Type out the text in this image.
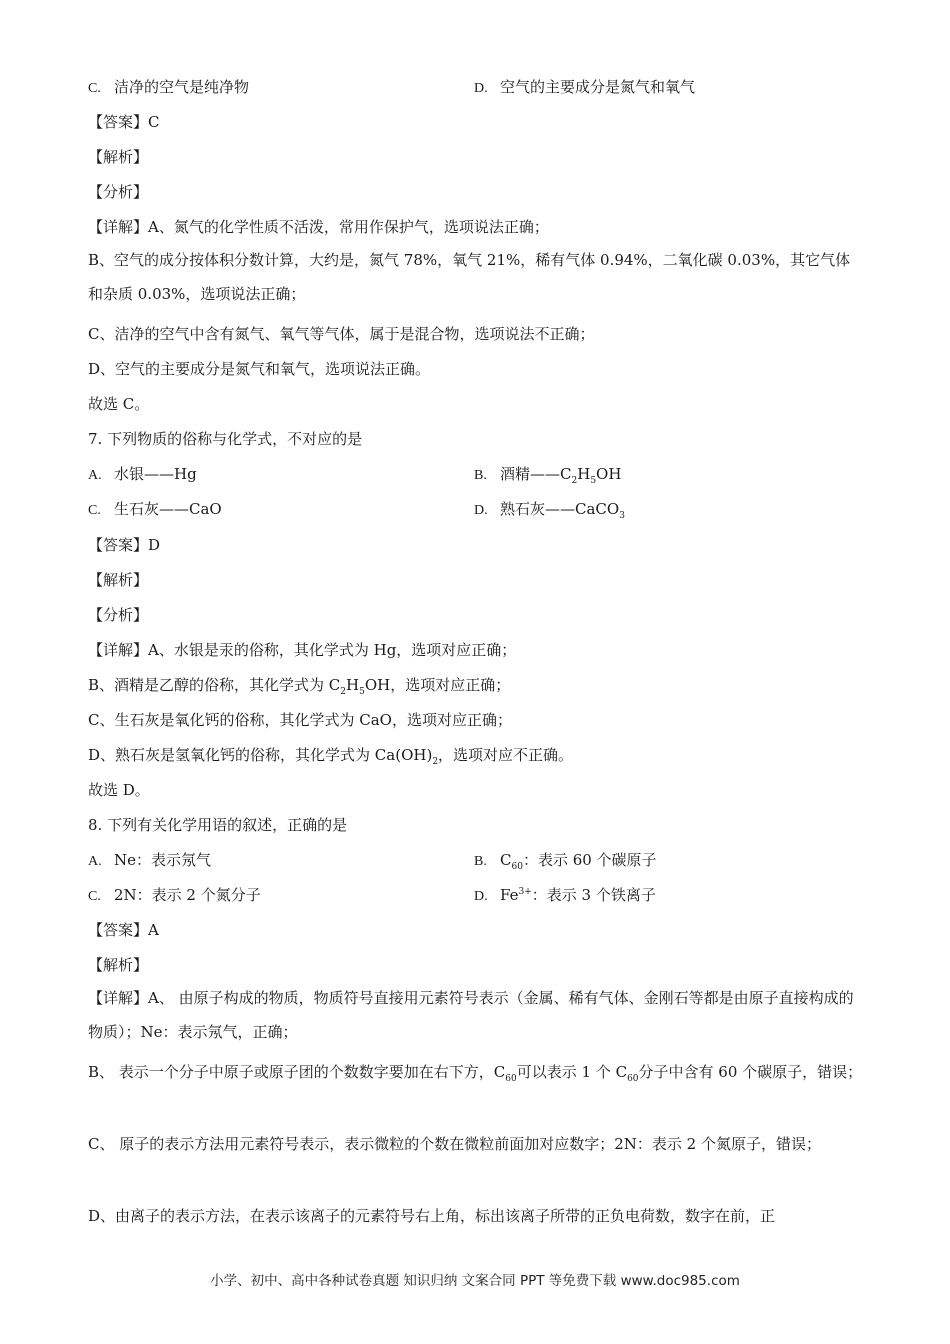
C. 洁净的空气是纯净物	D. 空气的主要成分是氮气和氧气
【答案】C
【解析】
【分析】
【详解】A、氮气的化学性质不活泼，常用作保护气，选项说法正确；
B、空气的成分按体积分数计算，大约是，氮气 78%，氧气 21%，稀有气体 0.94%，二氧化碳 0.03%，其它气体和杂质 0.03%，选项说法正确；
C、洁净的空气中含有氮气、氧气等气体，属于是混合物，选项说法不正确；
D、空气的主要成分是氮气和氧气，选项说法正确。
故选 C。
7. 下列物质的俗称与化学式，不对应的是
A. 水银——Hg	B. 酒精$——C_2H_5OH$
C. 生石灰——CaO	D. 熟石灰——CaCO$_3$
【答案】D
【解析】
【分析】
【详解】A、水银是汞的俗称，其化学式为 Hg，选项对应正确；
B、酒精是乙醇的俗称，其化学式为 $C_2H_5OH$，选项对应正确；
C、生石灰是氧化钙的俗称，其化学式为 CaO，选项对应正确；
D、熟石灰是氢氧化钙的俗称，其化学式为 $Ca(OH)_2$，选项对应不正确。
故选 D。
8. 下列有关化学用语的叙述，正确的是
A. Ne：表示氖气	B. $C_{60}$：表示 60 个碳原子
C. 2N：表示 2 个氮分子	D. $Fe^{3+}$：表示 3 个铁离子
【答案】A
【解析】
【详解】A、 由原子构成的物质，物质符号直接用元素符号表示（金属、稀有气体、金刚石等都是由原子直接构成的物质）；Ne：表示氖气，正确；
B、 表示一个分子中原子或原子团的个数数字要加在右下方，$C_{60}$可以表示 1 个 $C_{60}$分子中含有 60 个碳原子，错误；
C、 原子的表示方法用元素符号表示，表示微粒的个数在微粒前面加对应数字；2N：表示 2 个氮原子，错误；
D、由离子的表示方法，在表示该离子的元素符号右上角，标出该离子所带的正负电荷数，数字在前，正
小学、初中、高中各种试卷真题 知识归纳 文案合同 PPT 等免费下载 www.doc985.com
